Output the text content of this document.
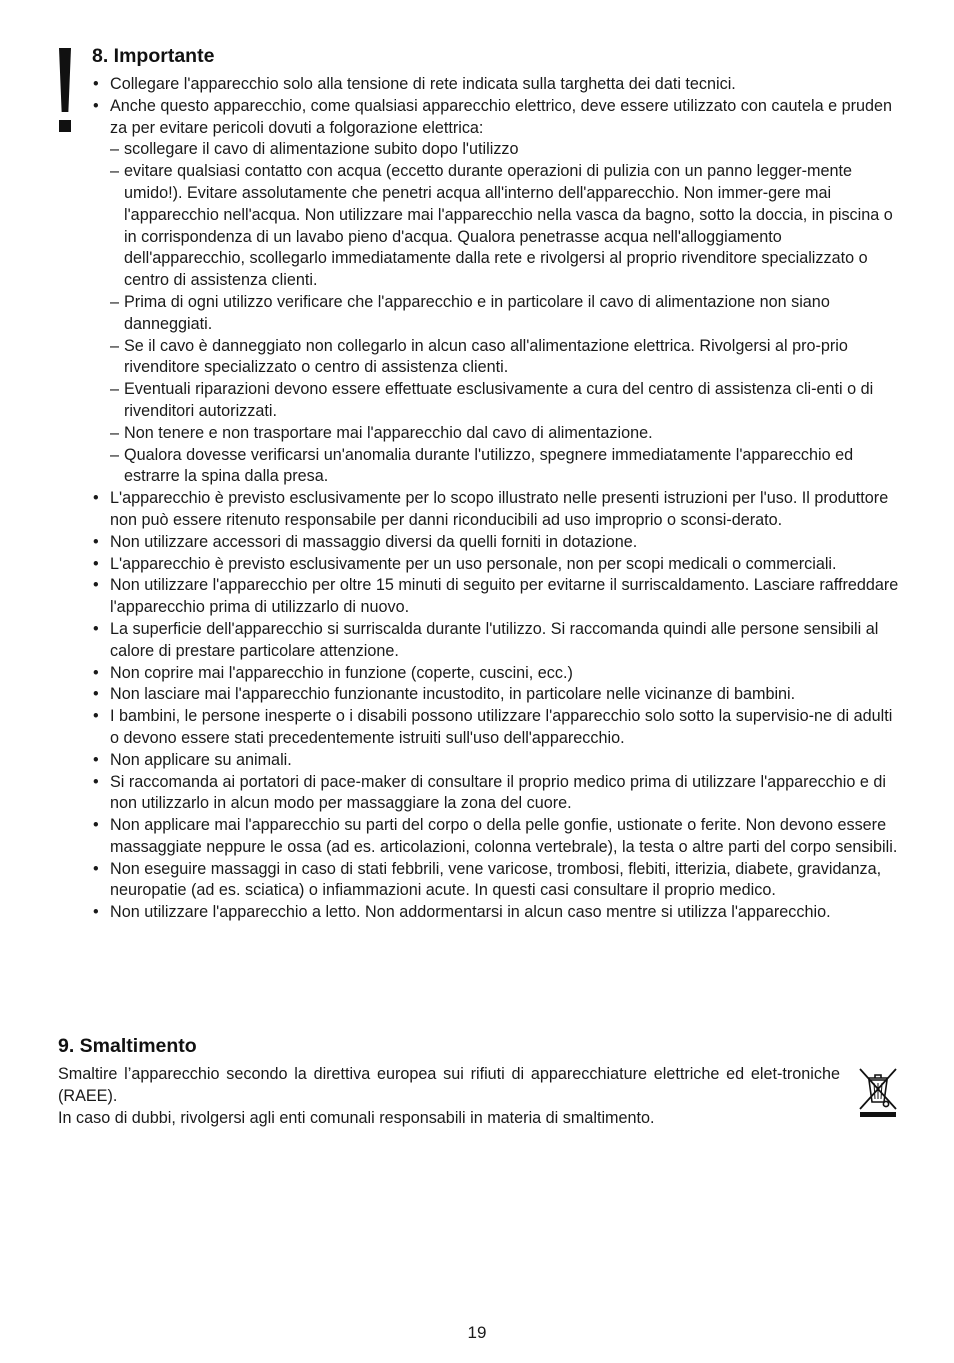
8. Importante
• Collegare l'apparecchio solo alla tensione di rete indicata sulla targhetta dei dati tecnici.
• Anche questo apparecchio, come qualsiasi apparecchio elettrico, deve essere utilizzato con cautela e pruden za per evitare pericoli dovuti a folgorazione elettrica:
– scollegare il cavo di alimentazione subito dopo l'utilizzo
– evitare qualsiasi contatto con acqua (eccetto durante operazioni di pulizia con un panno legger-mente umido!). Evitare assolutamente che penetri acqua all'interno dell'apparecchio. Non immer-gere mai l'apparecchio nell'acqua. Non utilizzare mai l'apparecchio nella vasca da bagno, sotto la doccia, in piscina o in corrispondenza di un lavabo pieno d'acqua. Qualora penetrasse acqua nell'alloggiamento dell'apparecchio, scollegarlo immediatamente dalla rete e rivolgersi al proprio rivenditore specializzato o centro di assistenza clienti.
– Prima di ogni utilizzo verificare che l'apparecchio e in particolare il cavo di alimentazione non siano danneggiati.
– Se il cavo è danneggiato non collegarlo in alcun caso all'alimentazione elettrica. Rivolgersi al pro-prio rivenditore specializzato o centro di assistenza clienti.
– Eventuali riparazioni devono essere effettuate esclusivamente a cura del centro di assistenza cli-enti o di rivenditori autorizzati.
– Non tenere e non trasportare mai l'apparecchio dal cavo di alimentazione.
– Qualora dovesse verificarsi un'anomalia durante l'utilizzo, spegnere immediatamente l'apparecchio ed estrarre la spina dalla presa.
• L'apparecchio è previsto esclusivamente per lo scopo illustrato nelle presenti istruzioni per l'uso. Il produttore non può essere ritenuto responsabile per danni riconducibili ad uso improprio o sconsi-derato.
• Non utilizzare accessori di massaggio diversi da quelli forniti in dotazione.
• L'apparecchio è previsto esclusivamente per un uso personale, non per scopi medicali o commerciali.
• Non utilizzare l'apparecchio per oltre 15 minuti di seguito per evitarne il surriscaldamento. Lasciare raffreddare l'apparecchio prima di utilizzarlo di nuovo.
• La superficie dell'apparecchio si surriscalda durante l'utilizzo. Si raccomanda quindi alle persone sensibili al calore di prestare particolare attenzione.
• Non coprire mai l'apparecchio in funzione (coperte, cuscini, ecc.)
• Non lasciare mai l'apparecchio funzionante incustodito, in particolare nelle vicinanze di bambini.
• I bambini, le persone inesperte o i disabili possono utilizzare l'apparecchio solo sotto la supervisio-ne di adulti o devono essere stati precedentemente istruiti sull'uso dell'apparecchio.
• Non applicare su animali.
• Si raccomanda ai portatori di pace-maker di consultare il proprio medico prima di utilizzare l'apparecchio e di non utilizzarlo in alcun modo per massaggiare la zona del cuore.
• Non applicare mai l'apparecchio su parti del corpo o della pelle gonfie, ustionate o ferite. Non devono essere massaggiate neppure le ossa (ad es. articolazioni, colonna vertebrale), la testa o altre parti del corpo sensibili.
• Non eseguire massaggi in caso di stati febbrili, vene varicose, trombosi, flebiti, itterizia, diabete, gravidanza, neuropatie (ad es. sciatica) o infiammazioni acute. In questi casi consultare il proprio medico.
• Non utilizzare l'apparecchio a letto. Non addormentarsi in alcun caso mentre si utilizza l'apparecchio.
9. Smaltimento
Smaltire l’apparecchio secondo la direttiva europea sui rifiuti di apparecchiature elettriche ed elet-troniche (RAEE).
In caso di dubbi, rivolgersi agli enti comunali responsabili in materia di smaltimento.
19
